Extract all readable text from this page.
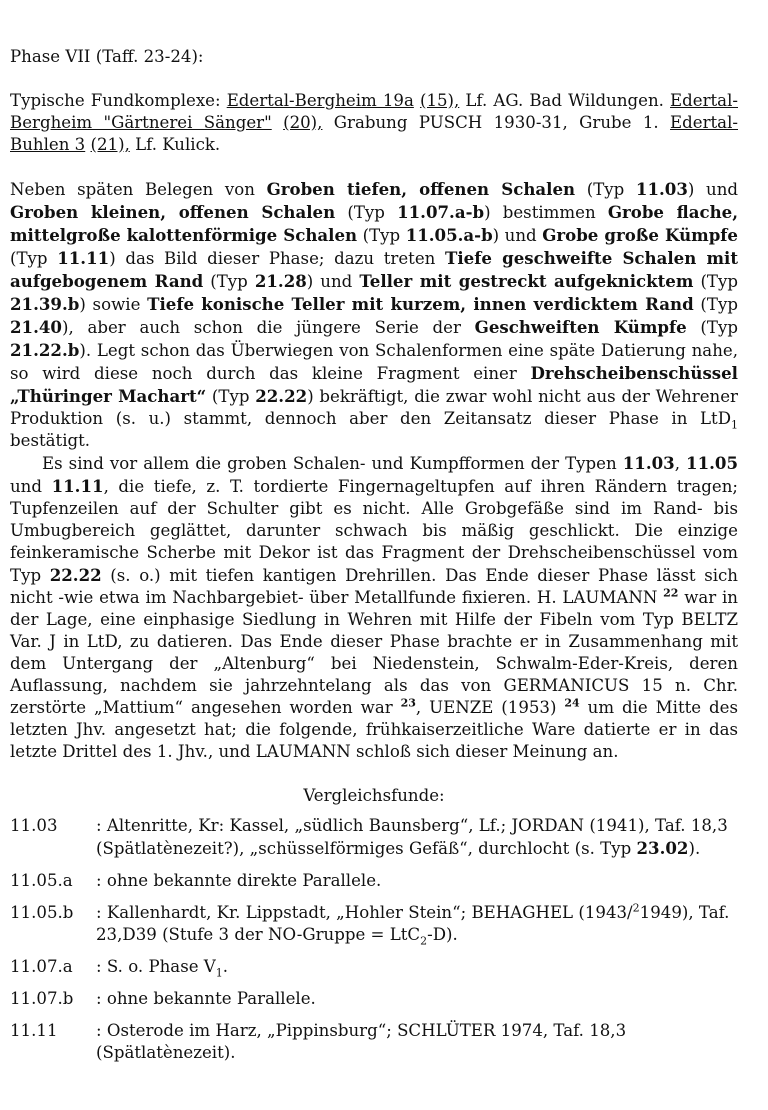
Phase VII (Taff. 23-24):

Typische Fundkomplexe: Edertal-Bergheim 19a (15), Lf. AG. Bad Wildungen. Edertal-Bergheim "Gärtnerei Sänger" (20), Grabung PUSCH 1930-31, Grube 1. Edertal-Buhlen 3 (21), Lf. Kulick.

Neben späten Belegen von Groben tiefen, offenen Schalen (Typ 11.03) und Groben kleinen, offenen Schalen (Typ 11.07.a-b) bestimmen Grobe flache, mittelgroße kalottenförmige Schalen (Typ 11.05.a-b) und Grobe große Kümpfe (Typ 11.11) das Bild dieser Phase; dazu treten Tiefe geschweifte Schalen mit aufgebogenem Rand (Typ 21.28) und Teller mit gestreckt aufgeknicktem (Typ 21.39.b) sowie Tiefe konische Teller mit kurzem, innen verdicktem Rand (Typ 21.40), aber auch schon die jüngere Serie der Geschweiften Kümpfe (Typ 21.22.b). Legt schon das Überwiegen von Schalenformen eine späte Datierung nahe, so wird diese noch durch das kleine Fragment einer Drehscheibenschüssel „Thüringer Machart“ (Typ 22.22) bekräftigt, die zwar wohl nicht aus der Wehrener Produktion (s. u.) stammt, dennoch aber den Zeitansatz dieser Phase in LtD$_1$ bestätigt.

Es sind vor allem die groben Schalen- und Kumpfformen der Typen 11.03, 11.05 und 11.11, die tiefe, z. T. tordierte Fingernageltupfen auf ihren Rändern tragen; Tupfenzeilen auf der Schulter gibt es nicht. Alle Grobgefäße sind im Rand- bis Umbugbereich geglättet, darunter schwach bis mäßig geschlickt. Die einzige feinkeramische Scherbe mit Dekor ist das Fragment der Drehscheibenschüssel vom Typ 22.22 (s. o.) mit tiefen kantigen Drehrillen. Das Ende dieser Phase lässt sich nicht -wie etwa im Nachbargebiet- über Metallfunde fixieren. H. LAUMANN $^{22}$ war in der Lage, eine einphasige Siedlung in Wehren mit Hilfe der Fibeln vom Typ BELTZ Var. J in LtD, zu datieren. Das Ende dieser Phase brachte er in Zusammenhang mit dem Untergang der „Altenburg“ bei Niedenstein, Schwalm-Eder-Kreis, deren Auflassung, nachdem sie jahrzehntelang als das von GERMANICUS 15 n. Chr. zerstörte „Mattium“ angesehen worden war $^{23}$, UENZE (1953) $^{24}$ um die Mitte des letzten Jhv. angesetzt hat; die folgende, frühkaiserzeitliche Ware datierte er in das letzte Drittel des 1. Jhv., und LAUMANN schloß sich dieser Meinung an.

Vergleichsfunde:

11.03	: Altenritte, Kr: Kassel, „südlich Baunsberg“, Lf.; JORDAN (1941), Taf. 18,3 (Spätlatènezeit?), „schüsselförmiges Gefäß“, durchlocht (s. Typ 23.02).

11.05.a	: ohne bekannte direkte Parallele.

11.05.b	: Kallenhardt, Kr. Lippstadt, „Hohler Stein“; BEHAGHEL (1943/$^2$1949), Taf. 23,D39 (Stufe 3 der NO-Gruppe = LtC$_2$-D).

11.07.a	: S. o. Phase $V_1$.

11.07.b	: ohne bekannte Parallele.

11.11	: Osterode im Harz, „Pippinsburg“; SCHLÜTER 1974, Taf. 18,3 (Spätlatènezeit).
